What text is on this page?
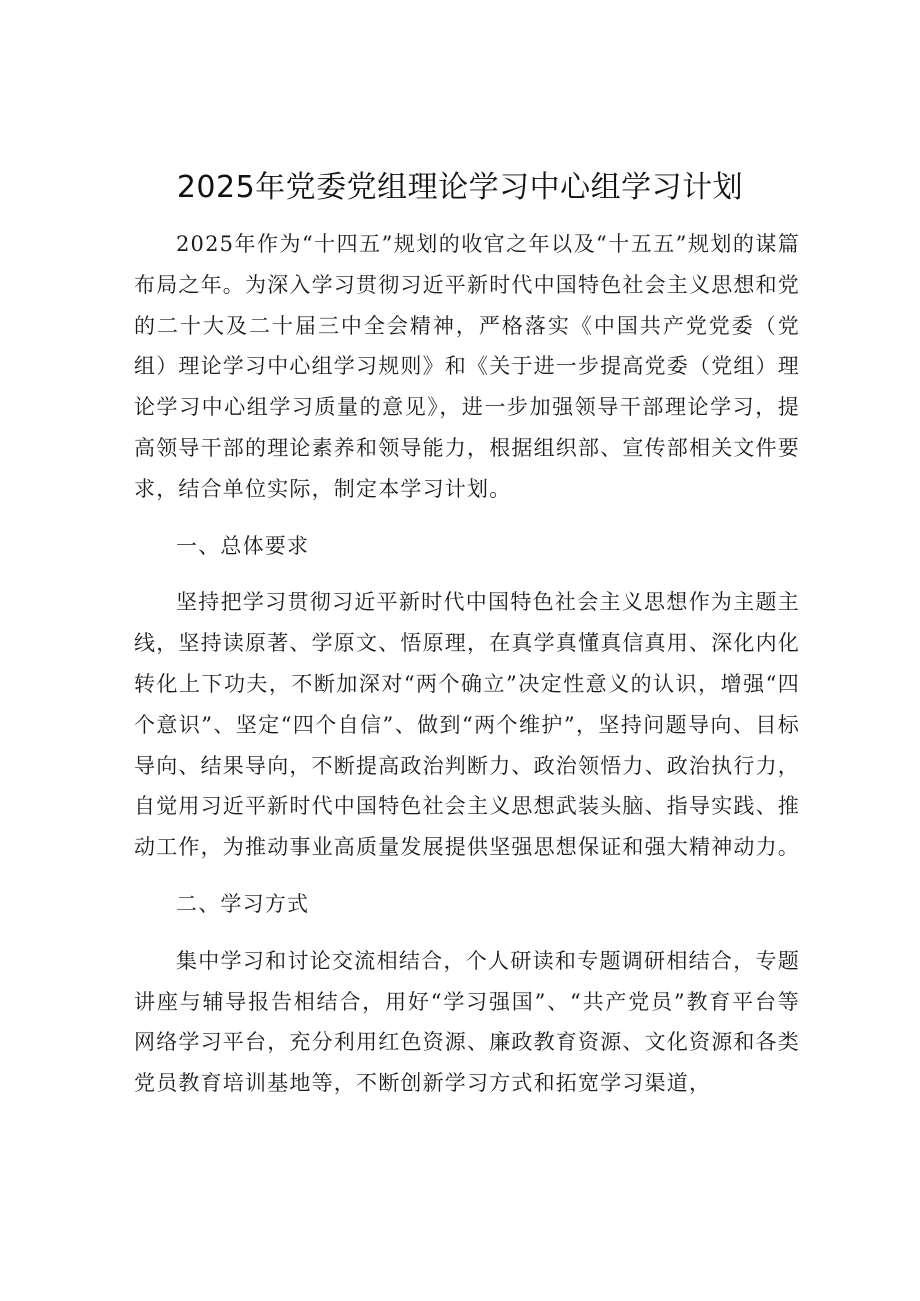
2025年党委党组理论学习中心组学习计划

2025年作为“十四五”规划的收官之年以及“十五五”规划的谋篇布局之年。为深入学习贯彻习近平新时代中国特色社会主义思想和党的二十大及二十届三中全会精神，严格落实《中国共产党党委（党组）理论学习中心组学习规则》和《关于进一步提高党委（党组）理论学习中心组学习质量的意见》，进一步加强领导干部理论学习，提高领导干部的理论素养和领导能力，根据组织部、宣传部相关文件要求，结合单位实际，制定本学习计划。

一、总体要求

坚持把学习贯彻习近平新时代中国特色社会主义思想作为主题主线，坚持读原著、学原文、悟原理，在真学真懂真信真用、深化内化转化上下功夫，不断加深对“两个确立”决定性意义的认识，增强“四个意识”、坚定“四个自信”、做到“两个维护”，坚持问题导向、目标导向、结果导向，不断提高政治判断力、政治领悟力、政治执行力，自觉用习近平新时代中国特色社会主义思想武装头脑、指导实践、推动工作，为推动事业高质量发展提供坚强思想保证和强大精神动力。

二、学习方式

集中学习和讨论交流相结合，个人研读和专题调研相结合，专题讲座与辅导报告相结合，用好“学习强国”、“共产党员”教育平台等网络学习平台，充分利用红色资源、廉政教育资源、文化资源和各类党员教育培训基地等，不断创新学习方式和拓宽学习渠道，
